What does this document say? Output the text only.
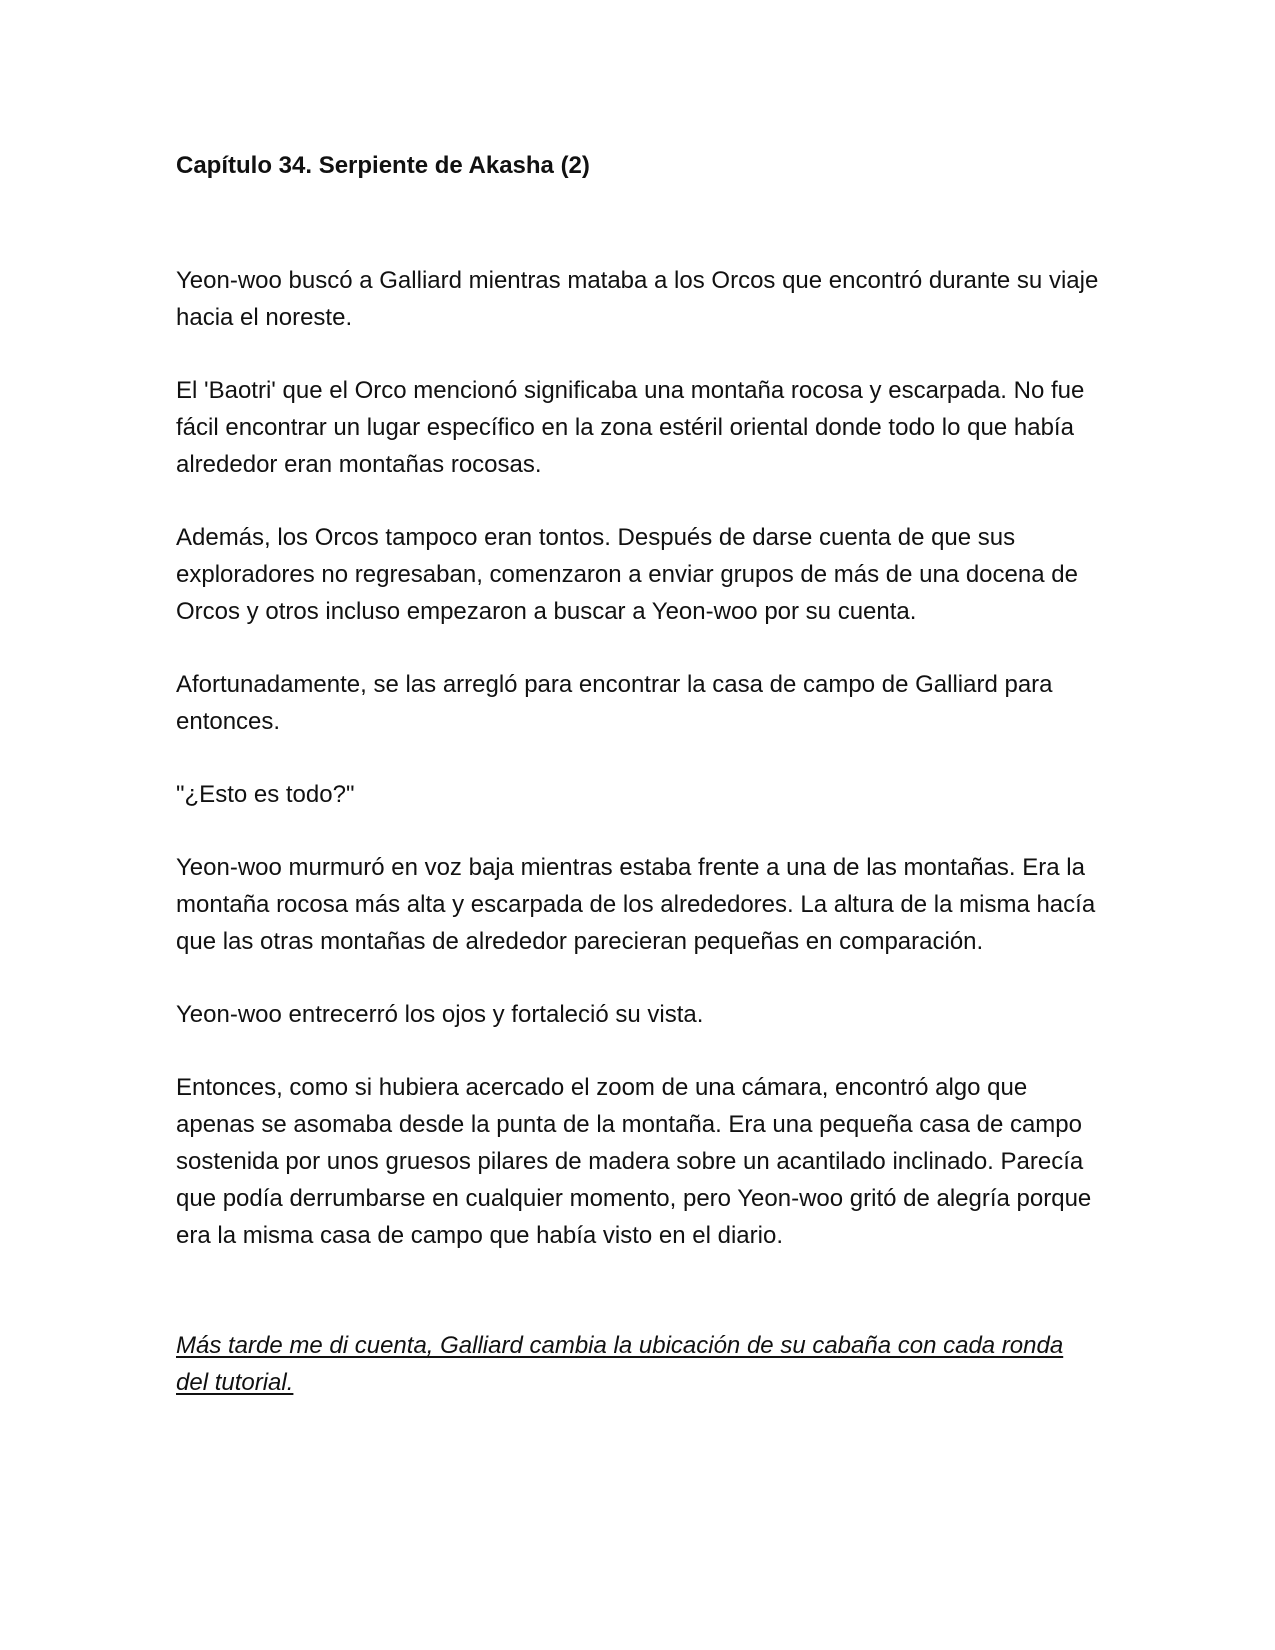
Capítulo 34. Serpiente de Akasha (2)

Yeon-woo buscó a Galliard mientras mataba a los Orcos que encontró durante su viaje hacia el noreste.

El 'Baotri' que el Orco mencionó significaba una montaña rocosa y escarpada. No fue fácil encontrar un lugar específico en la zona estéril oriental donde todo lo que había alrededor eran montañas rocosas.

Además, los Orcos tampoco eran tontos. Después de darse cuenta de que sus exploradores no regresaban, comenzaron a enviar grupos de más de una docena de Orcos y otros incluso empezaron a buscar a Yeon-woo por su cuenta.

Afortunadamente, se las arregló para encontrar la casa de campo de Galliard para entonces.

"¿Esto es todo?"

Yeon-woo murmuró en voz baja mientras estaba frente a una de las montañas. Era la montaña rocosa más alta y escarpada de los alrededores. La altura de la misma hacía que las otras montañas de alrededor parecieran pequeñas en comparación.

Yeon-woo entrecerró los ojos y fortaleció su vista.

Entonces, como si hubiera acercado el zoom de una cámara, encontró algo que apenas se asomaba desde la punta de la montaña. Era una pequeña casa de campo sostenida por unos gruesos pilares de madera sobre un acantilado inclinado. Parecía que podía derrumbarse en cualquier momento, pero Yeon-woo gritó de alegría porque era la misma casa de campo que había visto en el diario.

Más tarde me di cuenta, Galliard cambia la ubicación de su cabaña con cada ronda del tutorial.
